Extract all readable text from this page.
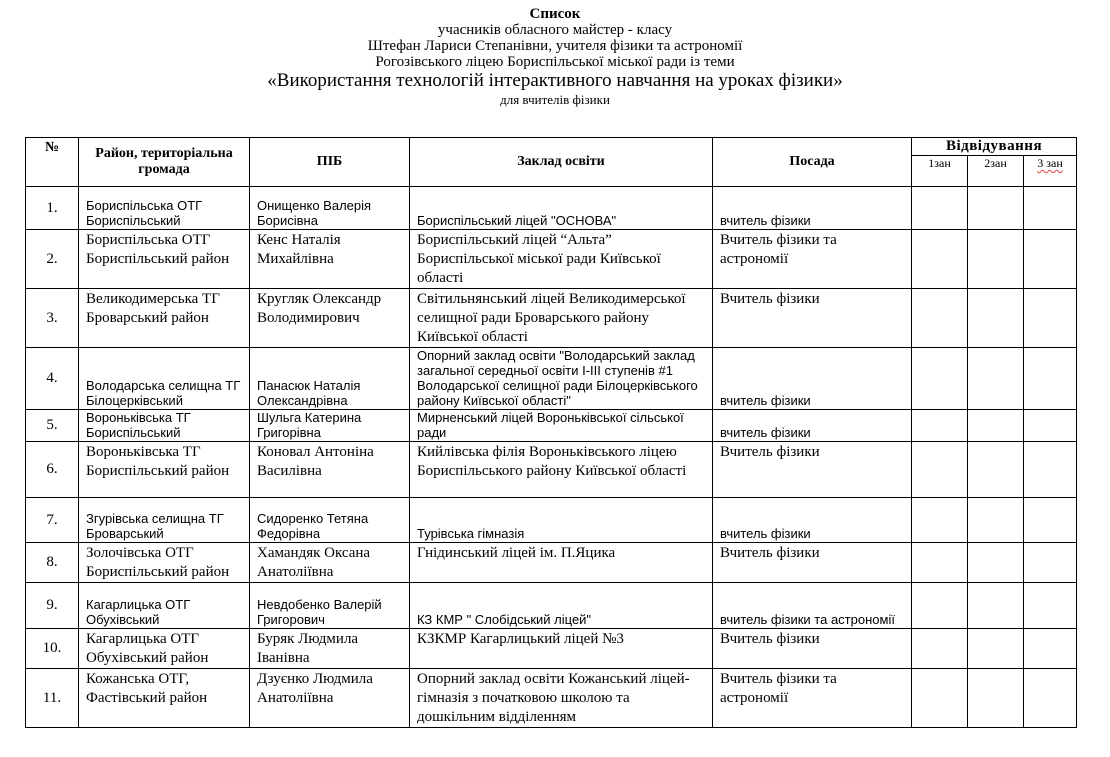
Список
учасників обласного майстер - класу
Штефан Лариси Степанівни, учителя фізики та астрономії
Рогозівського ліцею Бориспільської міської ради із теми
«Використання технологій інтерактивного навчання на уроках фізики»
для вчителів фізики
№	Район, територіальна громада	ПІБ	Заклад освіти	Посада	Відвідування		
					1зан	2зан	3 зан
1.	Бориспільська ОТГ Бориспільський	Онищенко Валерія Борисівна	Бориспільський ліцей "ОСНОВА"	вчитель фізики			
2.	Бориспільська ОТГ Бориспільський район	Кенс Наталія Михайлівна	Бориспільський ліцей “Альта” Бориспільської міської ради Київської області	Вчитель фізики та астрономії			
3.	Великодимерська ТГ Броварський район	Кругляк Олександр Володимирович	Світильнянський ліцей Великодимерської селищної ради Броварського району Київської області	Вчитель фізики			
4.	Володарська селищна ТГ Білоцерківський	Панасюк Наталія Олександрівна	Опорний заклад освіти "Володарський заклад загальної середньої освіти І-ІІІ ступенів #1 Володарської селищної ради Білоцерківського району Київської області"	вчитель фізики			
5.	Вороньківська ТГ Бориспільський	Шульга Катерина Григорівна	Мирненський ліцей Вороньківської сільської ради	вчитель фізики			
6.	Вороньківська ТГ Бориспільський район	Коновал Антоніна Василівна	Кийлівська філія Вороньківського ліцею Бориспільського району Київської області	Вчитель фізики			
7.	Згурівська селищна ТГ Броварський	Сидоренко Тетяна Федорівна	Турівська гімназія	вчитель фізики			
8.	Золочівська ОТГ Бориспільський район	Хамандяк Оксана Анатоліївна	Гнідинський ліцей ім. П.Яцика	Вчитель фізики			
9.	Кагарлицька ОТГ Обухівський	Невдобенко Валерій Григорович	КЗ КМР " Слобідський ліцей"	вчитель фізики та астрономії			
10.	Кагарлицька ОТГ Обухівський район	Буряк Людмила Іванівна	КЗКМР Кагарлицький ліцей №3	Вчитель фізики			
11.	Кожанська ОТГ, Фастівський район	Дзуєнко Людмила Анатоліївна	Опорний заклад освіти Кожанський ліцей-гімназія з початковою школою та дошкільним відділенням	Вчитель фізики та астрономії			
